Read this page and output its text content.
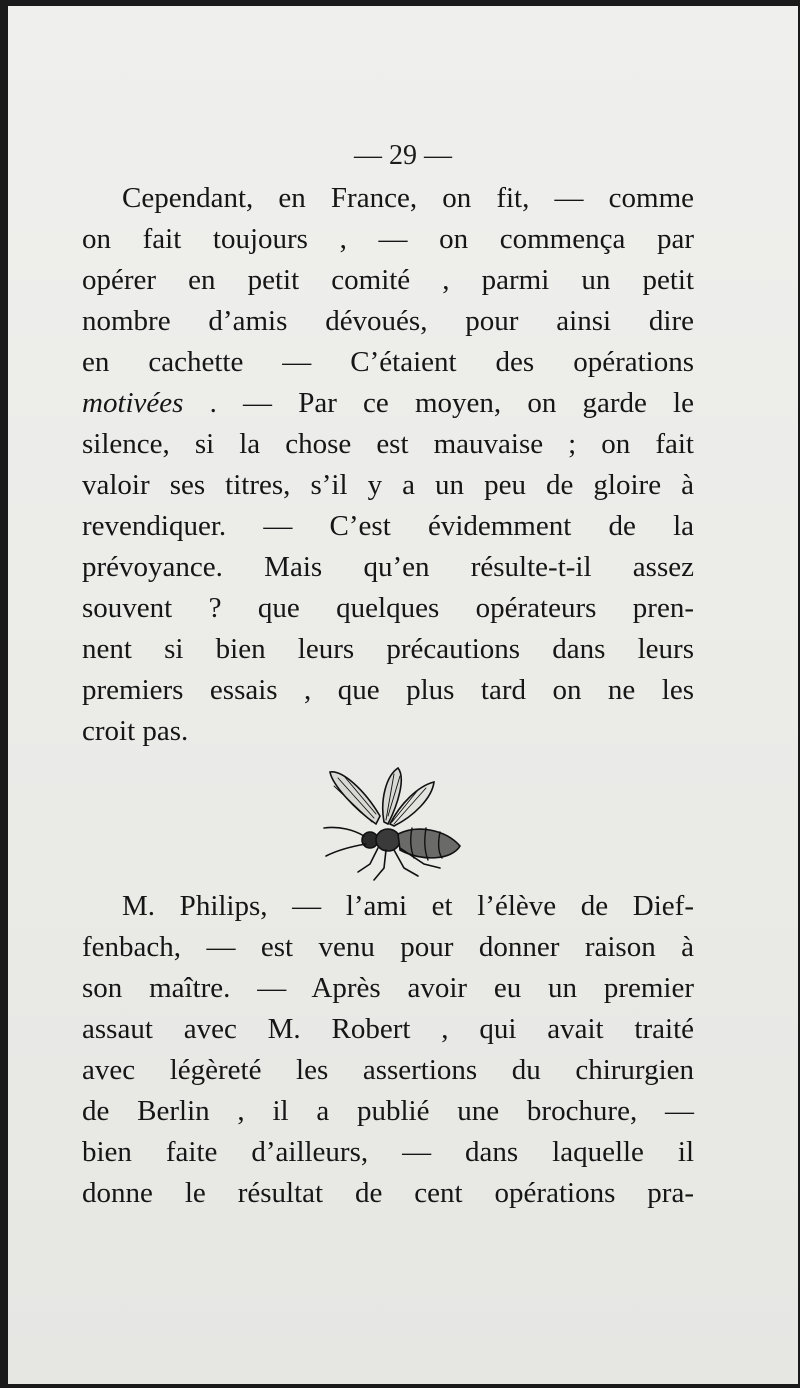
— 29 —
Cependant, en France, on fit, — comme
on fait toujours , — on commença par
opérer en petit comité , parmi un petit
nombre d’amis dévoués, pour ainsi dire
en cachette — C’étaient des opérations
motivées . — Par ce moyen, on garde le
silence, si la chose est mauvaise ; on fait
valoir ses titres, s’il y a un peu de gloire à
revendiquer. — C’est évidemment de la
prévoyance. Mais qu’en résulte-t-il assez
souvent ? que quelques opérateurs pren-
nent si bien leurs précautions dans leurs
premiers essais , que plus tard on ne les
croit pas.
M. Philips, — l’ami et l’élève de Dief-
fenbach, — est venu pour donner raison à
son maître. — Après avoir eu un premier
assaut avec M. Robert , qui avait traité
avec légèreté les assertions du chirurgien
de Berlin , il a publié une brochure, —
bien faite d’ailleurs, — dans laquelle il
donne le résultat de cent opérations pra-
